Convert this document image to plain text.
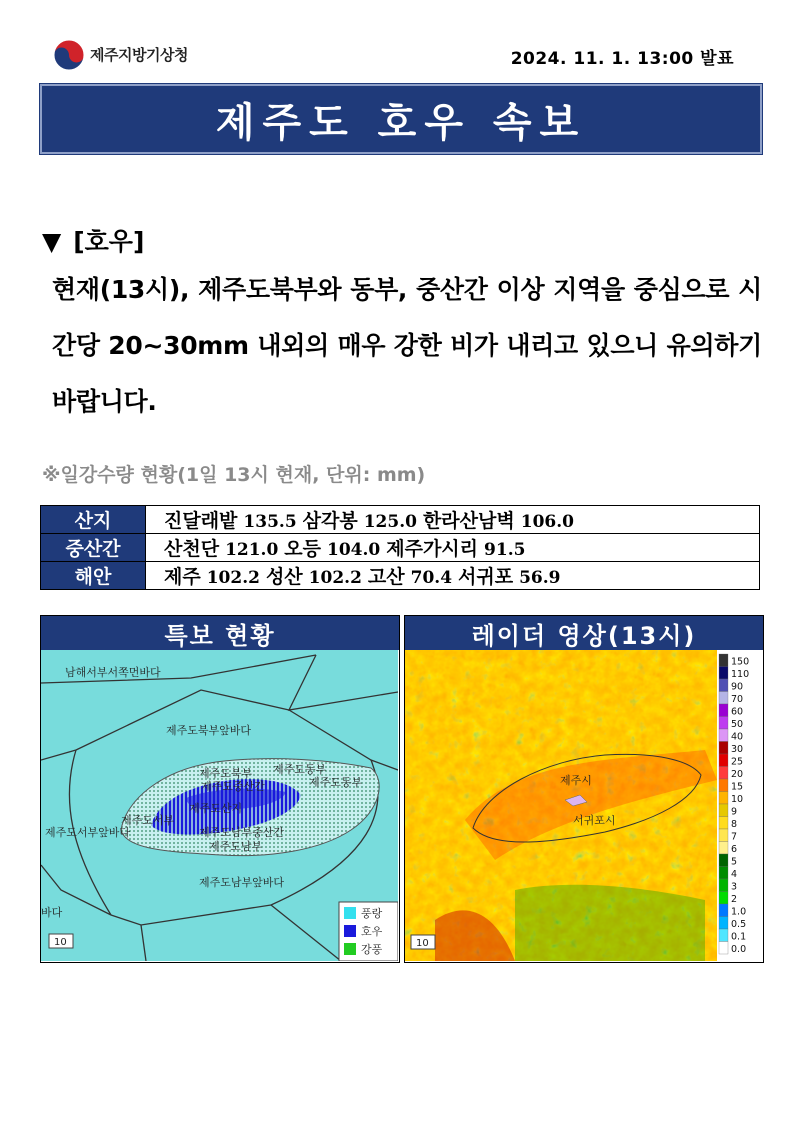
제주지방기상청	2024. 11. 1. 13:00 발표
제주도 호우 속보
▼ [호우]
현재(13시), 제주도북부와 동부, 중산간 이상 지역을 중심으로 시간당 20~30mm 내외의 매우 강한 비가 내리고 있으니 유의하기 바랍니다.
※일강수량 현황(1일 13시 현재, 단위: mm)
산지	진달래밭 135.5 삼각봉 125.0 한라산남벽 106.0
중산간	산천단 121.0 오등 104.0 제주가시리 91.5
해안	제주 102.2 성산 102.2 고산 70.4 서귀포 56.9
특보 현황
남해서부서쪽먼바다
제주도북부앞바다
제주도북부
제주도동부
제주도중산간
제주도동부
제주도산지
제주도서부
제주도서부앞바다	제주도남부중산간
제주도남부
제주도남부앞바다
바다
10
풍랑
호우
강풍
레이더 영상(13시)
제주시
서귀포시
10
150
110
90
70
60
50
40
30
25
20
15
10
9
8
7
6
5
4
3
2
1.0
0.5
0.1
0.0
